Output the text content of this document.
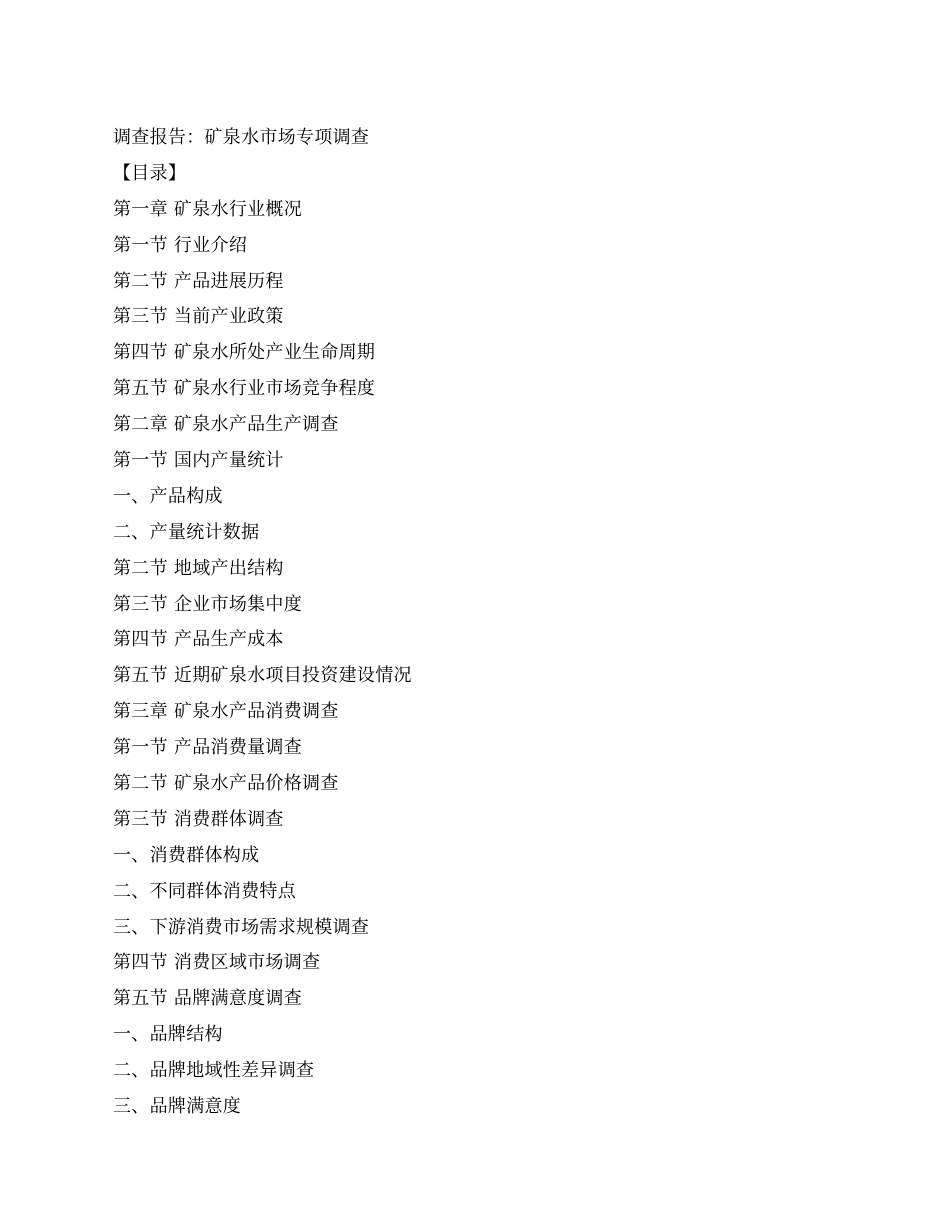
调查报告：矿泉水市场专项调查
【目录】
第一章 矿泉水行业概况
第一节 行业介绍
第二节 产品进展历程
第三节 当前产业政策
第四节 矿泉水所处产业生命周期
第五节 矿泉水行业市场竞争程度
第二章 矿泉水产品生产调查
第一节 国内产量统计
一、产品构成
二、产量统计数据
第二节 地域产出结构
第三节 企业市场集中度
第四节 产品生产成本
第五节 近期矿泉水项目投资建设情况
第三章 矿泉水产品消费调查
第一节 产品消费量调查
第二节 矿泉水产品价格调查
第三节 消费群体调查
一、消费群体构成
二、不同群体消费特点
三、下游消费市场需求规模调查
第四节 消费区域市场调查
第五节 品牌满意度调查
一、品牌结构
二、品牌地域性差异调查
三、品牌满意度
